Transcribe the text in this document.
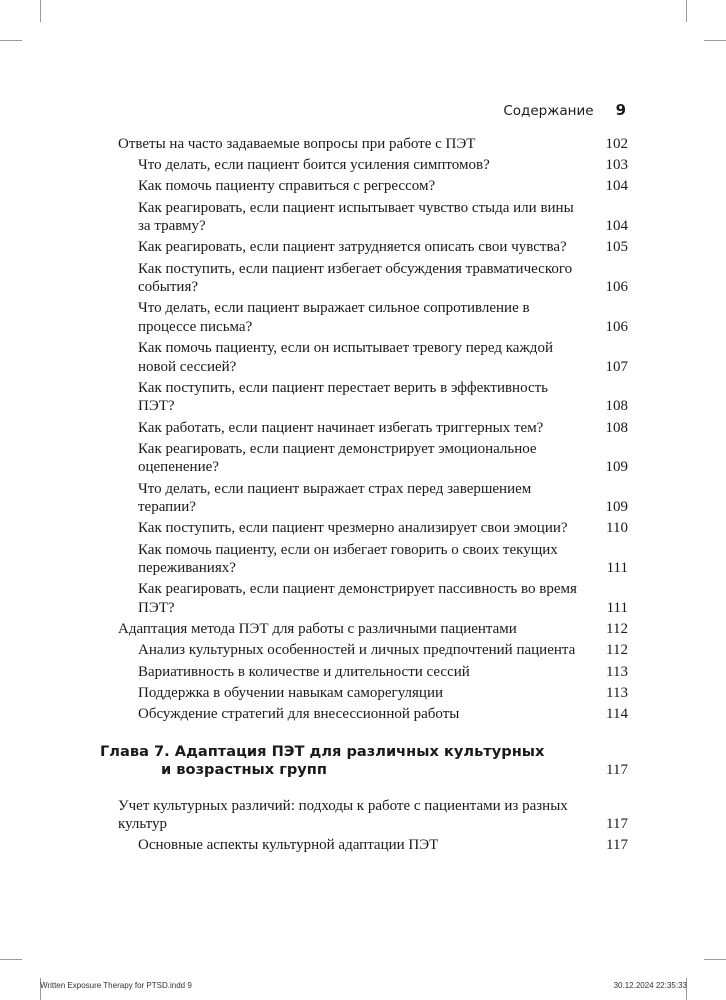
Содержание 9
Ответы на часто задаваемые вопросы при работе с ПЭТ	102
Что делать, если пациент боится усиления симптомов?	103
Как помочь пациенту справиться с регрессом?	104
Как реагировать, если пациент испытывает чувство стыда или вины за травму?	104
Как реагировать, если пациент затрудняется описать свои чувства?	105
Как поступить, если пациент избегает обсуждения травматического события?	106
Что делать, если пациент выражает сильное сопротивление в процессе письма?	106
Как помочь пациенту, если он испытывает тревогу перед каждой новой сессией?	107
Как поступить, если пациент перестает верить в эффективность ПЭТ?	108
Как работать, если пациент начинает избегать триггерных тем?	108
Как реагировать, если пациент демонстрирует эмоциональное оцепенение?	109
Что делать, если пациент выражает страх перед завершением терапии?	109
Как поступить, если пациент чрезмерно анализирует свои эмоции?	110
Как помочь пациенту, если он избегает говорить о своих текущих переживаниях?	111
Как реагировать, если пациент демонстрирует пассивность во время ПЭТ?	111
Адаптация метода ПЭТ для работы с различными пациентами	112
Анализ культурных особенностей и личных предпочтений пациента	112
Вариативность в количестве и длительности сессий	113
Поддержка в обучении навыкам саморегуляции	113
Обсуждение стратегий для внесессионной работы	114
Глава 7. Адаптация ПЭТ для различных культурных
и возрастных групп	117
Учет культурных различий: подходы к работе с пациентами из разных культур	117
Основные аспекты культурной адаптации ПЭТ	117
Written Exposure Therapy for PTSD.indd 9	30.12.2024 22:35:33
